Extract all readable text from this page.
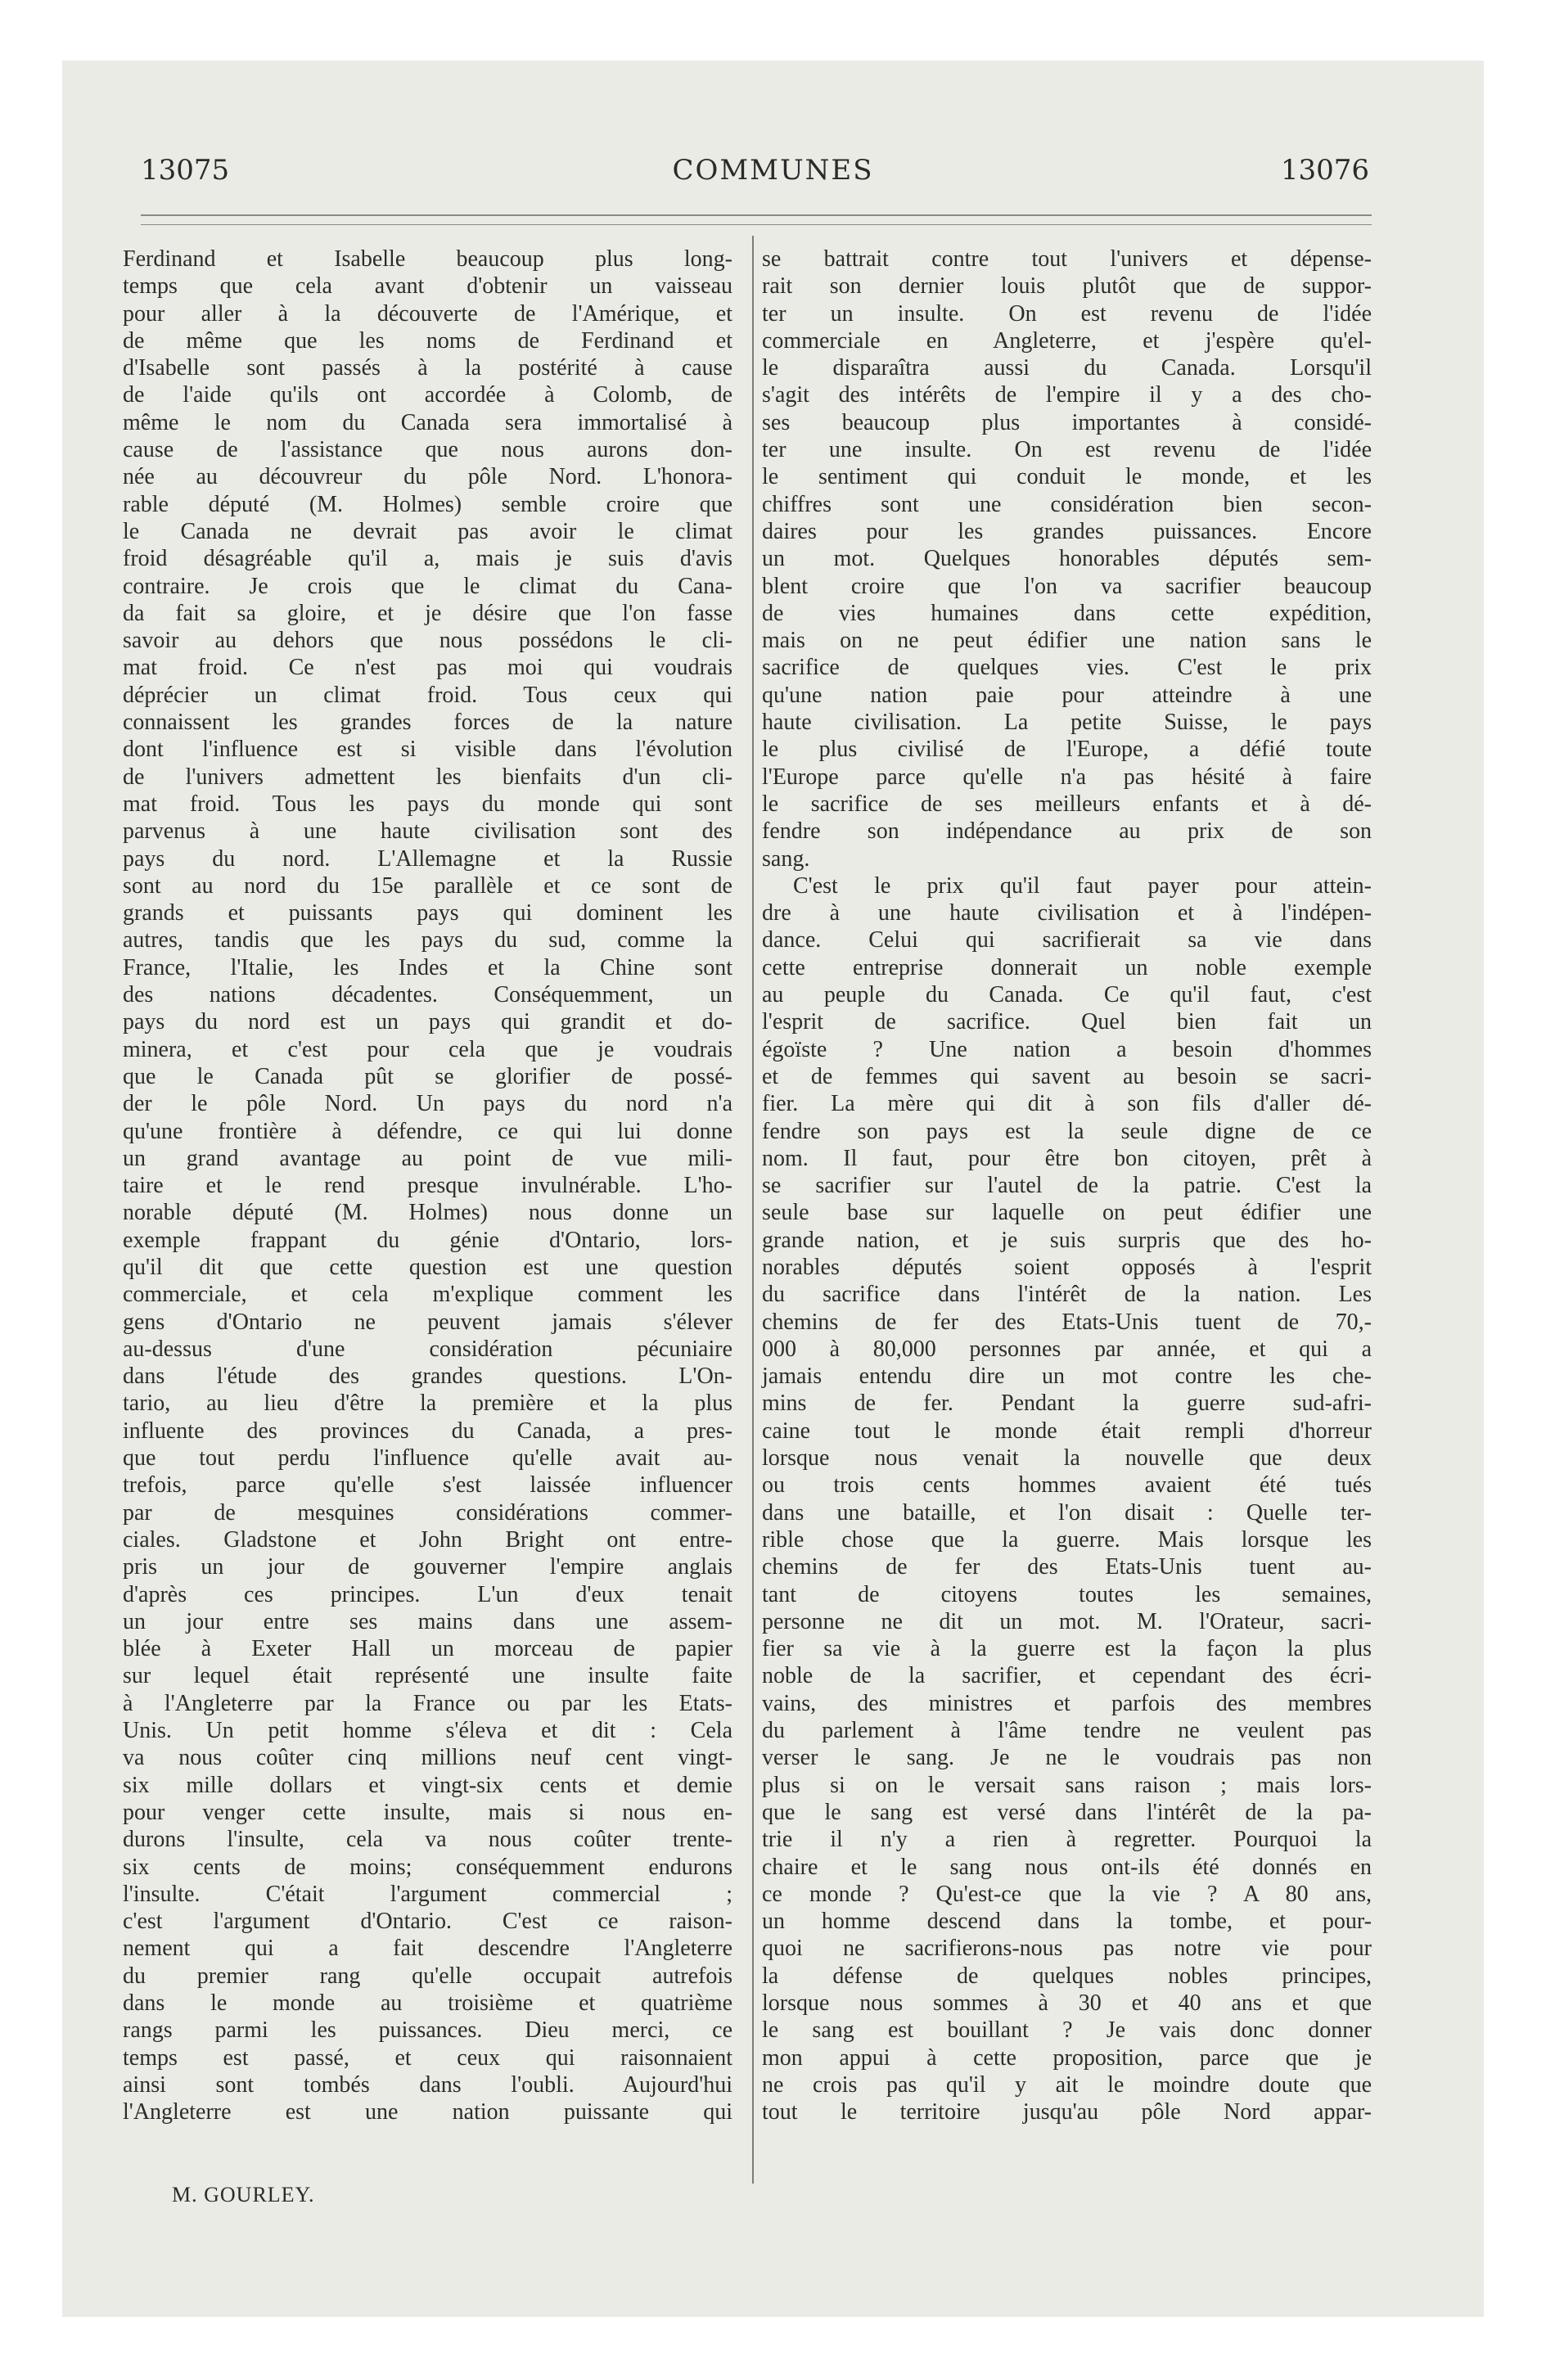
13075	COMMUNES	13076
Ferdinand et Isabelle beaucoup plus long-
temps que cela avant d'obtenir un vaisseau
pour aller à la découverte de l'Amérique, et
de même que les noms de Ferdinand et
d'Isabelle sont passés à la postérité à cause
de l'aide qu'ils ont accordée à Colomb, de
même le nom du Canada sera immortalisé à
cause de l'assistance que nous aurons don-
née au découvreur du pôle Nord. L'honora-
rable député (M. Holmes) semble croire que
le Canada ne devrait pas avoir le climat
froid désagréable qu'il a, mais je suis d'avis
contraire. Je crois que le climat du Cana-
da fait sa gloire, et je désire que l'on fasse
savoir au dehors que nous possédons le cli-
mat froid. Ce n'est pas moi qui voudrais
déprécier un climat froid. Tous ceux qui
connaissent les grandes forces de la nature
dont l'influence est si visible dans l'évolution
de l'univers admettent les bienfaits d'un cli-
mat froid. Tous les pays du monde qui sont
parvenus à une haute civilisation sont des
pays du nord. L'Allemagne et la Russie
sont au nord du 15e parallèle et ce sont de
grands et puissants pays qui dominent les
autres, tandis que les pays du sud, comme la
France, l'Italie, les Indes et la Chine sont
des nations décadentes. Conséquemment, un
pays du nord est un pays qui grandit et do-
minera, et c'est pour cela que je voudrais
que le Canada pût se glorifier de possé-
der le pôle Nord. Un pays du nord n'a
qu'une frontière à défendre, ce qui lui donne
un grand avantage au point de vue mili-
taire et le rend presque invulnérable. L'ho-
norable député (M. Holmes) nous donne un
exemple frappant du génie d'Ontario, lors-
qu'il dit que cette question est une question
commerciale, et cela m'explique comment les
gens d'Ontario ne peuvent jamais s'élever
au-dessus d'une considération pécuniaire
dans l'étude des grandes questions. L'On-
tario, au lieu d'être la première et la plus
influente des provinces du Canada, a pres-
que tout perdu l'influence qu'elle avait au-
trefois, parce qu'elle s'est laissée influencer
par de mesquines considérations commer-
ciales. Gladstone et John Bright ont entre-
pris un jour de gouverner l'empire anglais
d'après ces principes. L'un d'eux tenait
un jour entre ses mains dans une assem-
blée à Exeter Hall un morceau de papier
sur lequel était représenté une insulte faite
à l'Angleterre par la France ou par les Etats-
Unis. Un petit homme s'éleva et dit : Cela
va nous coûter cinq millions neuf cent vingt-
six mille dollars et vingt-six cents et demie
pour venger cette insulte, mais si nous en-
durons l'insulte, cela va nous coûter trente-
six cents de moins; conséquemment endurons
l'insulte. C'était l'argument commercial ;
c'est l'argument d'Ontario. C'est ce raison-
nement qui a fait descendre l'Angleterre
du premier rang qu'elle occupait autrefois
dans le monde au troisième et quatrième
rangs parmi les puissances. Dieu merci, ce
temps est passé, et ceux qui raisonnaient
ainsi sont tombés dans l'oubli. Aujourd'hui
l'Angleterre est une nation puissante qui
se battrait contre tout l'univers et dépense-
rait son dernier louis plutôt que de suppor-
ter un insulte. On est revenu de l'idée
commerciale en Angleterre, et j'espère qu'el-
le disparaîtra aussi du Canada. Lorsqu'il
s'agit des intérêts de l'empire il y a des cho-
ses beaucoup plus importantes à considé-
ter une insulte. On est revenu de l'idée
le sentiment qui conduit le monde, et les
chiffres sont une considération bien secon-
daires pour les grandes puissances. Encore
un mot. Quelques honorables députés sem-
blent croire que l'on va sacrifier beaucoup
de vies humaines dans cette expédition,
mais on ne peut édifier une nation sans le
sacrifice de quelques vies. C'est le prix
qu'une nation paie pour atteindre à une
haute civilisation. La petite Suisse, le pays
le plus civilisé de l'Europe, a défié toute
l'Europe parce qu'elle n'a pas hésité à faire
le sacrifice de ses meilleurs enfants et à dé-
fendre son indépendance au prix de son
sang.
C'est le prix qu'il faut payer pour attein-
dre à une haute civilisation et à l'indépen-
dance. Celui qui sacrifierait sa vie dans
cette entreprise donnerait un noble exemple
au peuple du Canada. Ce qu'il faut, c'est
l'esprit de sacrifice. Quel bien fait un
égoïste ? Une nation a besoin d'hommes
et de femmes qui savent au besoin se sacri-
fier. La mère qui dit à son fils d'aller dé-
fendre son pays est la seule digne de ce
nom. Il faut, pour être bon citoyen, prêt à
se sacrifier sur l'autel de la patrie. C'est la
seule base sur laquelle on peut édifier une
grande nation, et je suis surpris que des ho-
norables députés soient opposés à l'esprit
du sacrifice dans l'intérêt de la nation. Les
chemins de fer des Etats-Unis tuent de 70,-
000 à 80,000 personnes par année, et qui a
jamais entendu dire un mot contre les che-
mins de fer. Pendant la guerre sud-afri-
caine tout le monde était rempli d'horreur
lorsque nous venait la nouvelle que deux
ou trois cents hommes avaient été tués
dans une bataille, et l'on disait : Quelle ter-
rible chose que la guerre. Mais lorsque les
chemins de fer des Etats-Unis tuent au-
tant de citoyens toutes les semaines,
personne ne dit un mot. M. l'Orateur, sacri-
fier sa vie à la guerre est la façon la plus
noble de la sacrifier, et cependant des écri-
vains, des ministres et parfois des membres
du parlement à l'âme tendre ne veulent pas
verser le sang. Je ne le voudrais pas non
plus si on le versait sans raison ; mais lors-
que le sang est versé dans l'intérêt de la pa-
trie il n'y a rien à regretter. Pourquoi la
chaire et le sang nous ont-ils été donnés en
ce monde ? Qu'est-ce que la vie ? A 80 ans,
un homme descend dans la tombe, et pour-
quoi ne sacrifierons-nous pas notre vie pour
la défense de quelques nobles principes,
lorsque nous sommes à 30 et 40 ans et que
le sang est bouillant ? Je vais donc donner
mon appui à cette proposition, parce que je
ne crois pas qu'il y ait le moindre doute que
tout le territoire jusqu'au pôle Nord appar-
M. GOURLEY.
